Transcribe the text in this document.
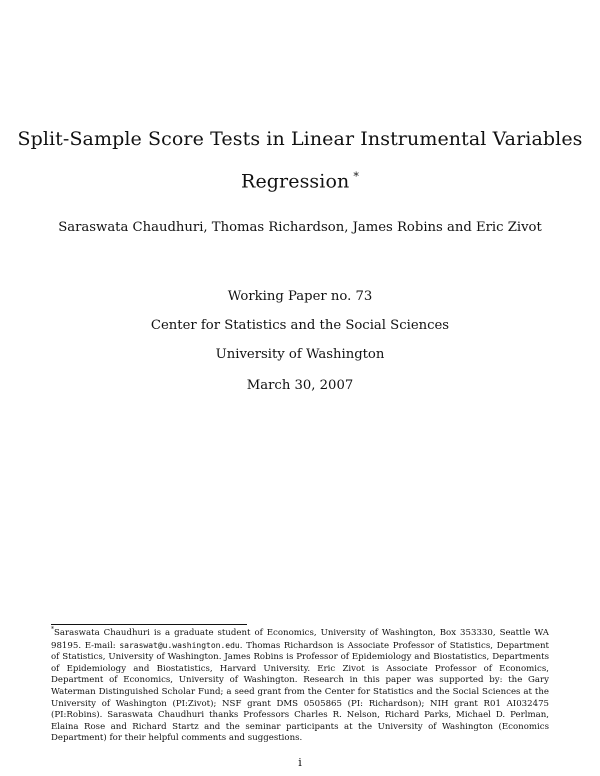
Split-Sample Score Tests in Linear Instrumental Variables
Regression *
Saraswata Chaudhuri, Thomas Richardson, James Robins and Eric Zivot
Working Paper no. 73
Center for Statistics and the Social Sciences
University of Washington
March 30, 2007
*Saraswata Chaudhuri is a graduate student of Economics, University of Washington, Box 353330, Seattle WA 98195. E-mail: saraswat@u.washington.edu. Thomas Richardson is Associate Professor of Statistics, Department of Statistics, University of Washington. James Robins is Professor of Epidemiology and Biostatistics, Departments of Epidemiology and Biostatistics, Harvard University. Eric Zivot is Associate Professor of Economics, Department of Economics, University of Washington. Research in this paper was supported by: the Gary Waterman Distinguished Scholar Fund; a seed grant from the Center for Statistics and the Social Sciences at the University of Washington (PI:Zivot); NSF grant DMS 0505865 (PI: Richardson); NIH grant R01 AI032475 (PI:Robins). Saraswata Chaudhuri thanks Professors Charles R. Nelson, Richard Parks, Michael D. Perlman, Elaina Rose and Richard Startz and the seminar participants at the University of Washington (Economics Department) for their helpful comments and suggestions.
i
